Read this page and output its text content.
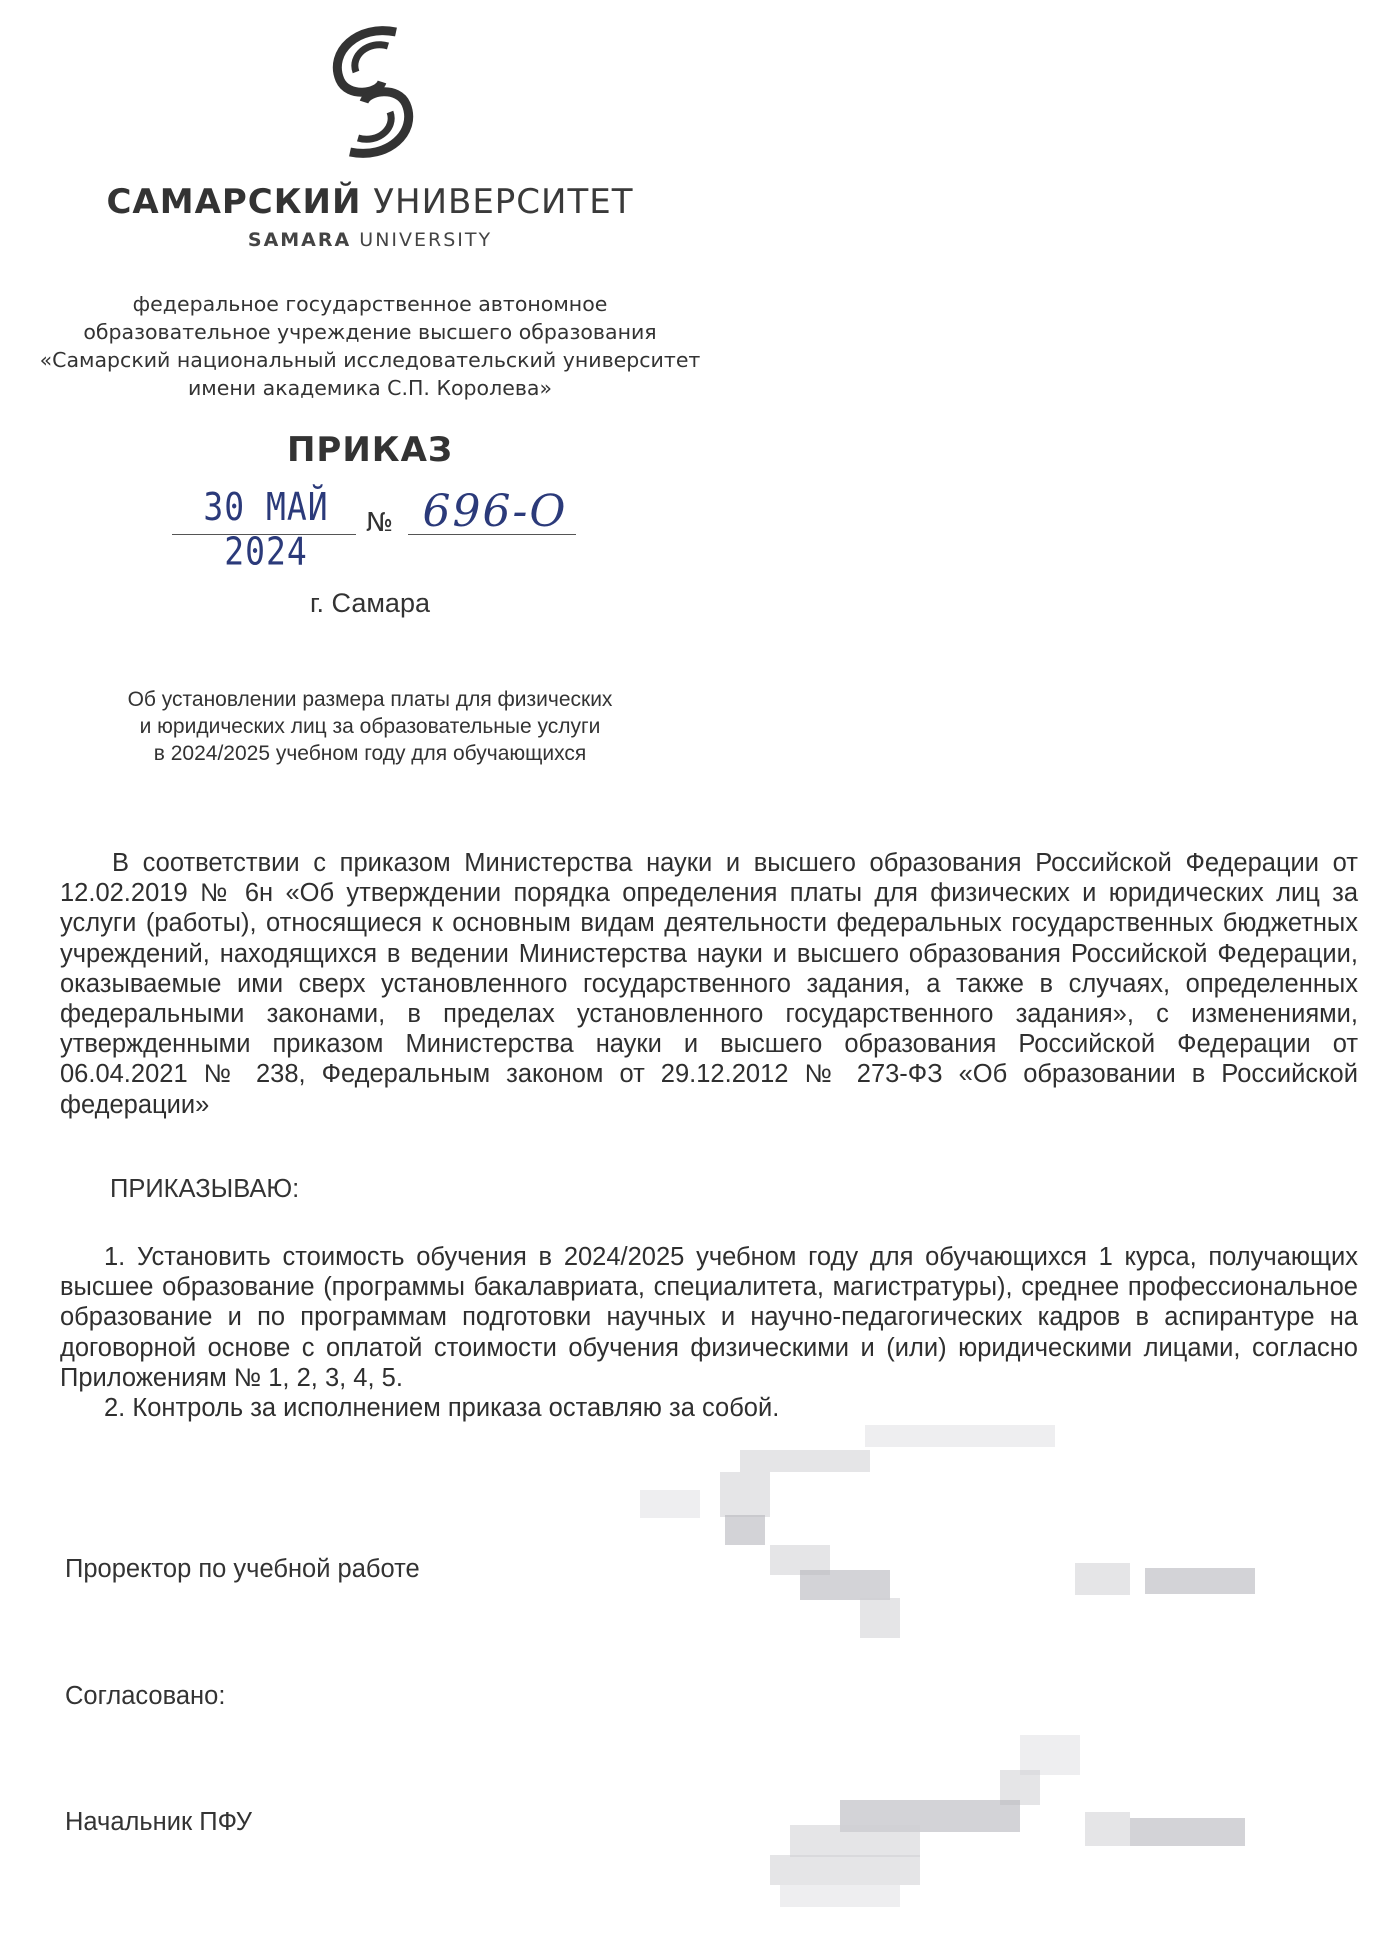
САМАРСКИЙ УНИВЕРСИТЕТ
SAMARA UNIVERSITY
федеральное государственное автономное
образовательное учреждение высшего образования
«Самарский национальный исследовательский университет
имени академика С.П. Королева»
ПРИКАЗ
30 МАЙ 2024
№ 696-О
г. Самара
Об установлении размера платы для физических
и юридических лиц за образовательные услуги
в 2024/2025 учебном году для обучающихся

В соответствии с приказом Министерства науки и высшего образования Российской Федерации от 12.02.2019 № 6н «Об утверждении порядка определения платы для физических и юридических лиц за услуги (работы), относящиеся к основным видам деятельности федеральных государственных бюджетных учреждений, находящихся в ведении Министерства науки и высшего образования Российской Федерации, оказываемые ими сверх установленного государственного задания, а также в случаях, определенных федеральными законами, в пределах установленного государственного задания», с изменениями, утвержденными приказом Министерства науки и высшего образования Российской Федерации от 06.04.2021 № 238, Федеральным законом от 29.12.2012 № 273-ФЗ «Об образовании в Российской федерации»

ПРИКАЗЫВАЮ:

1. Установить стоимость обучения в 2024/2025 учебном году для обучающихся 1 курса, получающих высшее образование (программы бакалавриата, специалитета, магистратуры), среднее профессиональное образование и по программам подготовки научных и научно-педагогических кадров в аспирантуре на договорной основе с оплатой стоимости обучения физическими и (или) юридическими лицами, согласно Приложениям № 1, 2, 3, 4, 5.

2. Контроль за исполнением приказа оставляю за собой.

Проректор по учебной работе
Согласовано:
Начальник ПФУ
